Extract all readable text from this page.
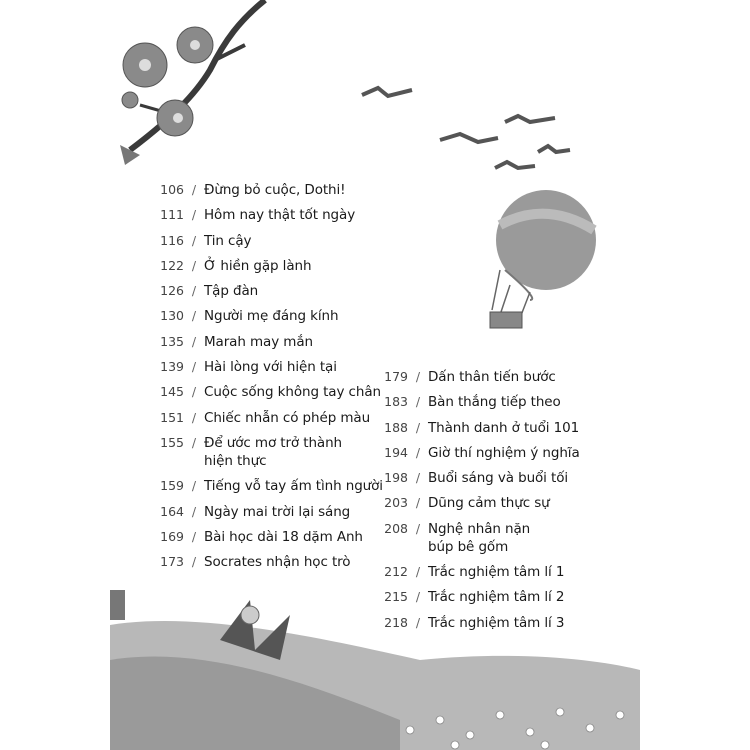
106 / Đừng bỏ cuộc, Dothi!
111 / Hôm nay thật tốt ngày
116 / Tin cậy
122 / Ở hiền gặp lành
126 / Tập đàn
130 / Người mẹ đáng kính
135 / Marah may mắn
139 / Hài lòng với hiện tại
145 / Cuộc sống không tay chân
151 / Chiếc nhẫn có phép màu
155 / Để ước mơ trở thành
hiện thực
159 / Tiếng vỗ tay ấm tình người
164 / Ngày mai trời lại sáng
169 / Bài học dài 18 dặm Anh
173 / Socrates nhận học trò
179 / Dấn thân tiến bước
183 / Bàn thắng tiếp theo
188 / Thành danh ở tuổi 101
194 / Giờ thí nghiệm ý nghĩa
198 / Buổi sáng và buổi tối
203 / Dũng cảm thực sự
208 / Nghệ nhân nặn
búp bê gốm
212 / Trắc nghiệm tâm lí 1
215 / Trắc nghiệm tâm lí 2
218 / Trắc nghiệm tâm lí 3
